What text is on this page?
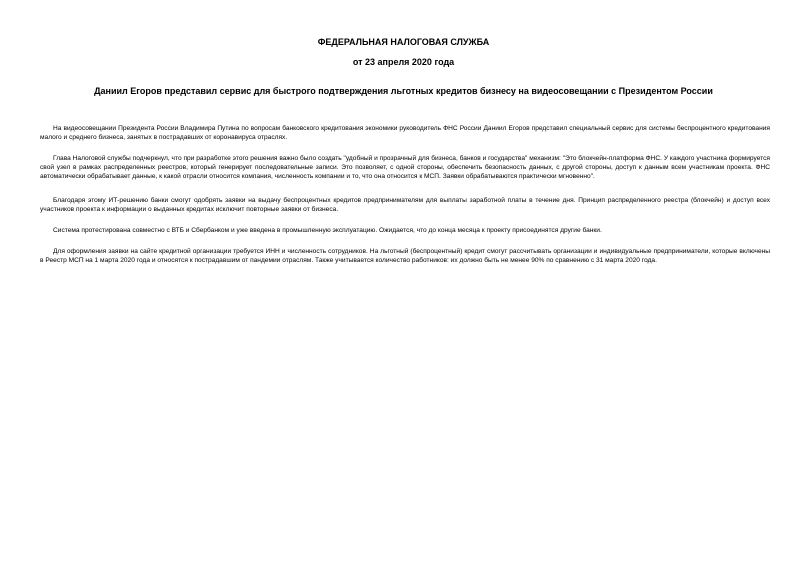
ФЕДЕРАЛЬНАЯ НАЛОГОВАЯ СЛУЖБА
от 23 апреля 2020 года
Даниил Егоров представил сервис для быстрого подтверждения льготных кредитов бизнесу на видеосовещании с Президентом России

На видеосовещании Президента России Владимира Путина по вопросам банковского кредитования экономики руководитель ФНС России Даниил Егоров представил специальный сервис для системы беспроцентного кредитования малого и среднего бизнеса, занятых в пострадавших от коронавируса отраслях.

Глава Налоговой службы подчеркнул, что при разработке этого решения важно было создать "удобный и прозрачный для бизнеса, банков и государства" механизм: "Это блокчейн-платформа ФНС. У каждого участника формируется свой узел в рамках распределенных реестров, который генерирует последовательные записи. Это позволяет, с одной стороны, обеспечить безопасность данных, с другой стороны, доступ к данным всем участникам проекта. ФНС автоматически обрабатывает данные, к какой отрасли относится компания, численность компании и то, что она относится к МСП. Заявки обрабатываются практически мгновенно".

Благодаря этому ИТ-решению банки смогут одобрять заявки на выдачу беспроцентных кредитов предпринимателям для выплаты заработной платы в течение дня. Принцип распределенного реестра (блокчейн) и доступ всех участников проекта к информации о выданных кредитах исключит повторные заявки от бизнеса.

Система протестирована совместно с ВТБ и Сбербанком и уже введена в промышленную эксплуатацию. Ожидается, что до конца месяца к проекту присоединятся другие банки.

Для оформления заявки на сайте кредитной организации требуется ИНН и численность сотрудников. На льготный (беспроцентный) кредит смогут рассчитывать организации и индивидуальные предприниматели, которые включены в Реестр МСП на 1 марта 2020 года и относятся к пострадавшим от пандемии отраслям. Также учитывается количество работников: их должно быть не менее 90% по сравнению с 31 марта 2020 года.
